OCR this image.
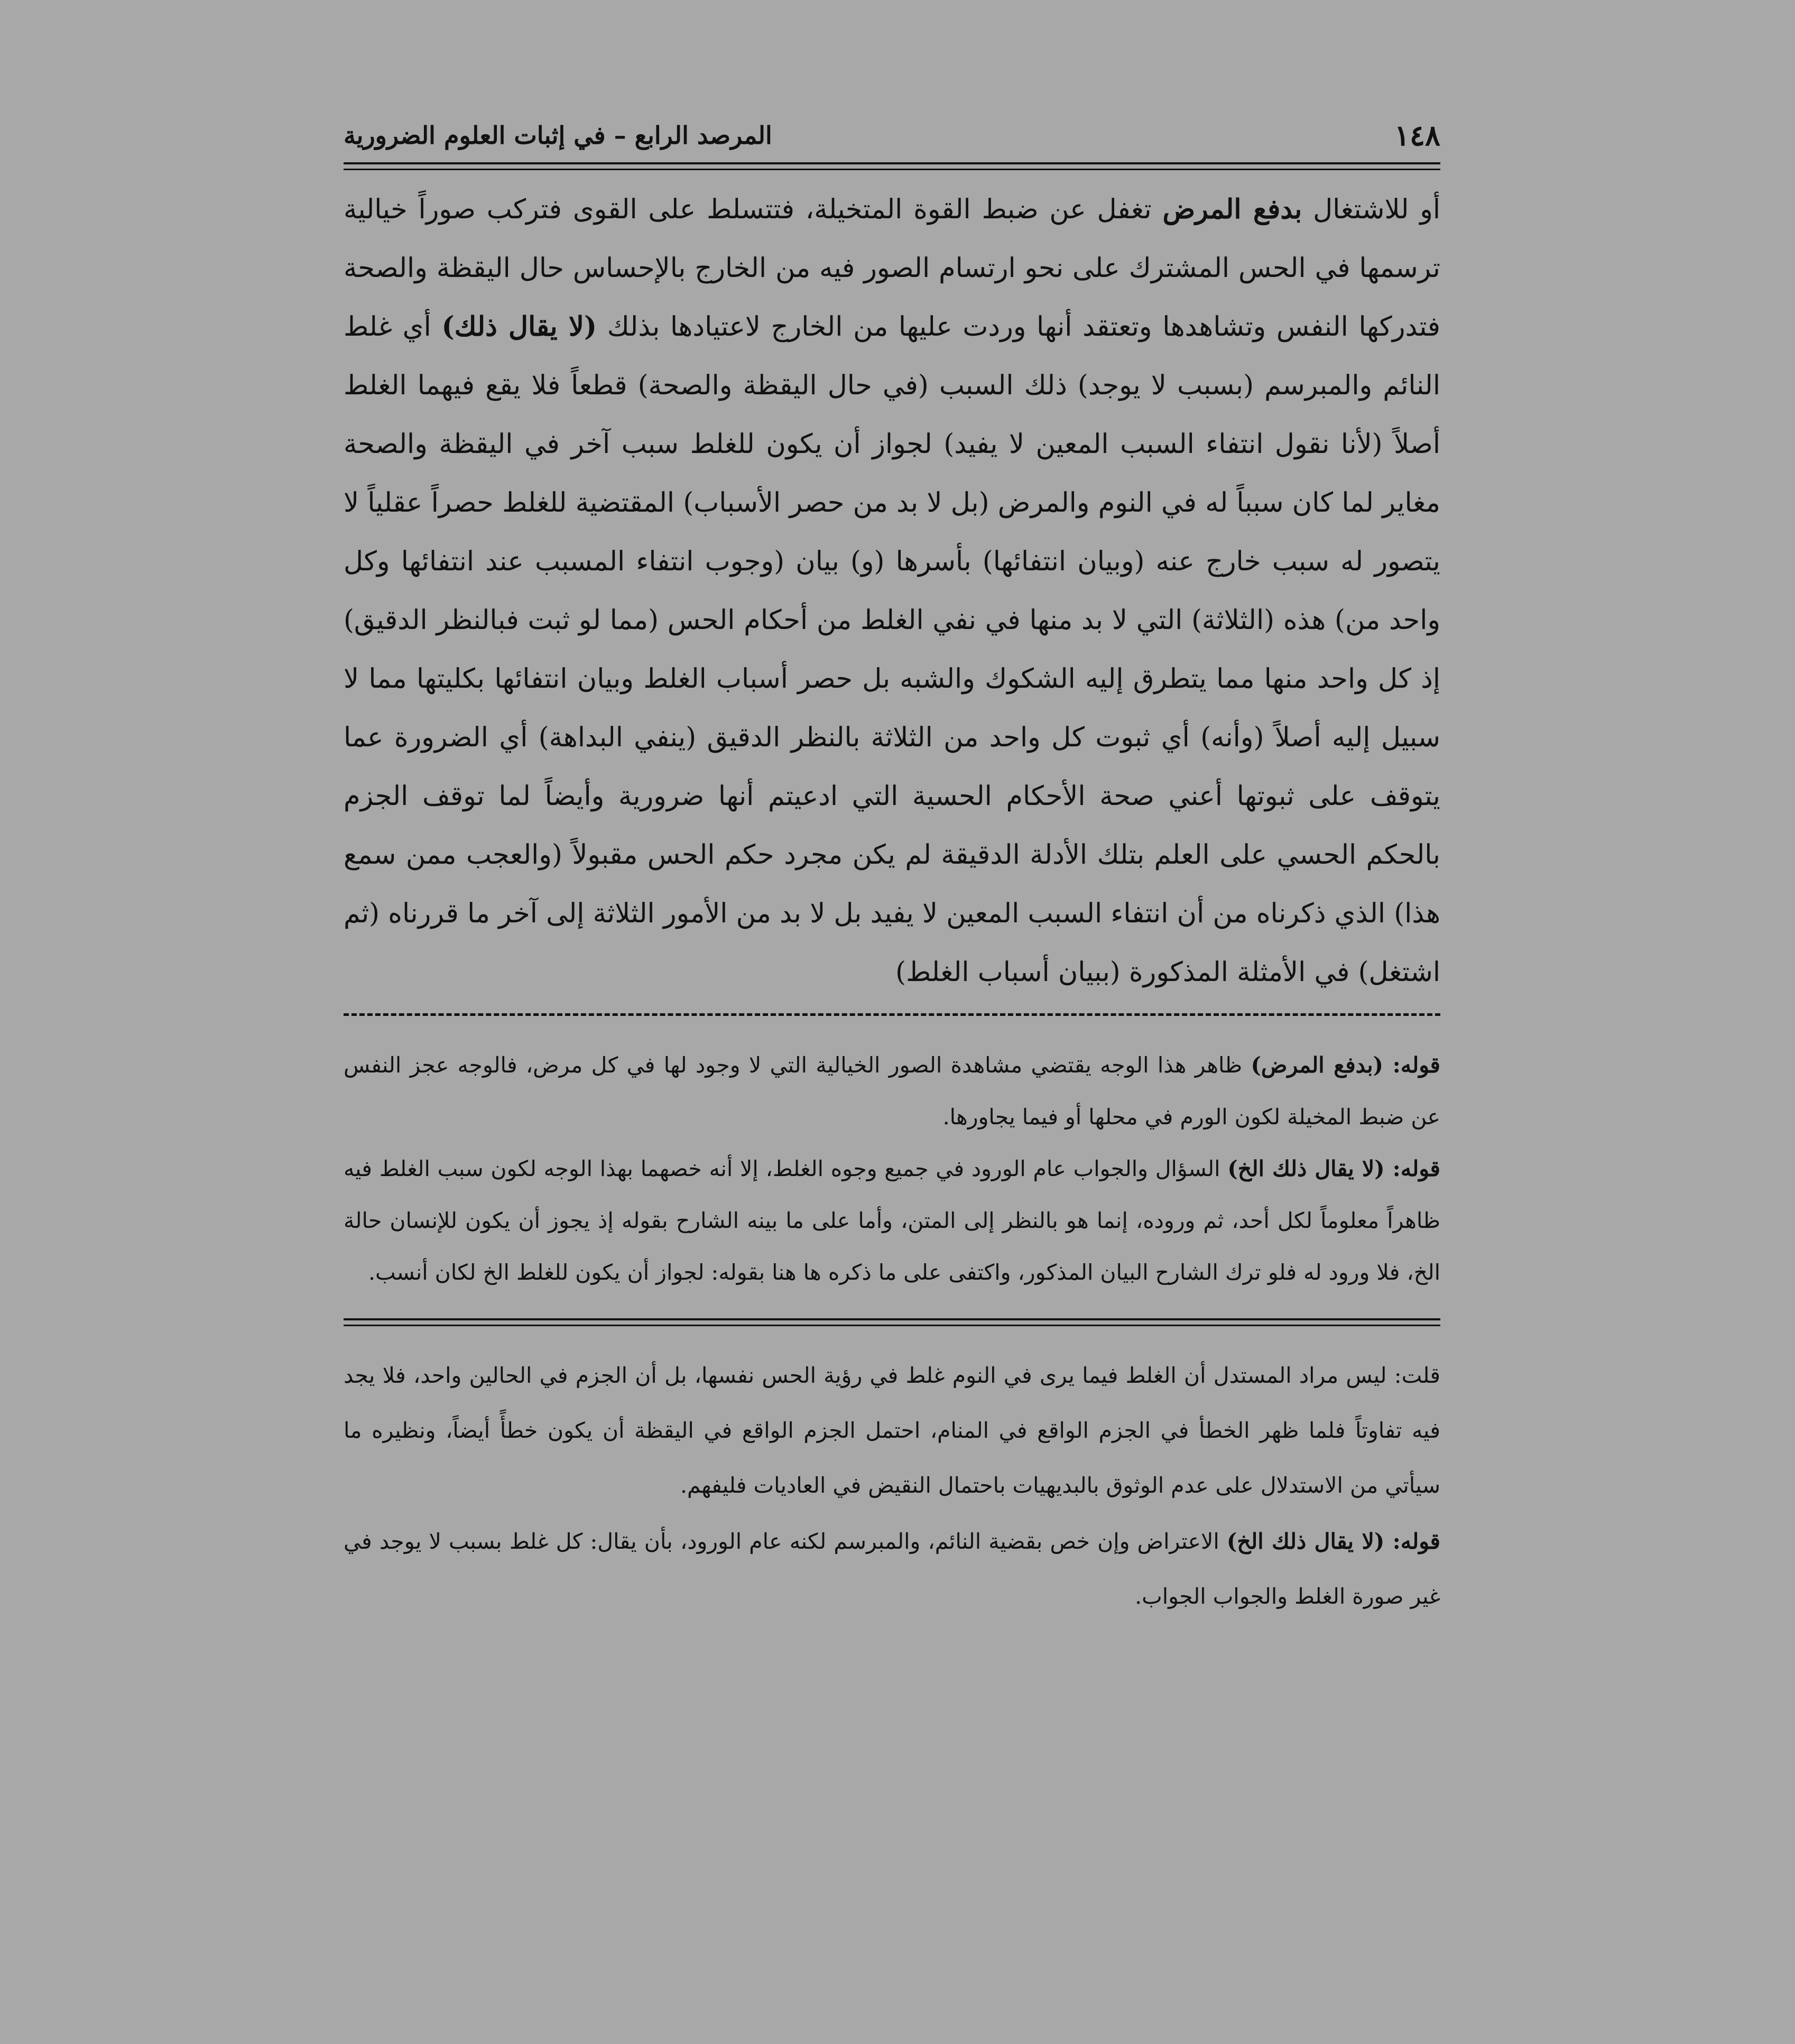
١٤٨
المرصد الرابع – في إثبات العلوم الضرورية
أو للاشتغال بدفع المرض تغفل عن ضبط القوة المتخيلة، فتتسلط على القوى فتركب صوراً خيالية ترسمها في الحس المشترك على نحو ارتسام الصور فيه من الخارج بالإحساس حال اليقظة والصحة فتدركها النفس وتشاهدها وتعتقد أنها وردت عليها من الخارج لاعتيادها بذلك (لا يقال ذلك) أي غلط النائم والمبرسم (بسبب لا يوجد) ذلك السبب (في حال اليقظة والصحة) قطعاً فلا يقع فيهما الغلط أصلاً (لأنا نقول انتفاء السبب المعين لا يفيد) لجواز أن يكون للغلط سبب آخر في اليقظة والصحة مغاير لما كان سبباً له في النوم والمرض (بل لا بد من حصر الأسباب) المقتضية للغلط حصراً عقلياً لا يتصور له سبب خارج عنه (وبيان انتفائها) بأسرها (و) بيان (وجوب انتفاء المسبب عند انتفائها وكل واحد من) هذه (الثلاثة) التي لا بد منها في نفي الغلط من أحكام الحس (مما لو ثبت فبالنظر الدقيق) إذ كل واحد منها مما يتطرق إليه الشكوك والشبه بل حصر أسباب الغلط وبيان انتفائها بكليتها مما لا سبيل إليه أصلاً (وأنه) أي ثبوت كل واحد من الثلاثة بالنظر الدقيق (ينفي البداهة) أي الضرورة عما يتوقف على ثبوتها أعني صحة الأحكام الحسية التي ادعيتم أنها ضرورية وأيضاً لما توقف الجزم بالحكم الحسي على العلم بتلك الأدلة الدقيقة لم يكن مجرد حكم الحس مقبولاً (والعجب ممن سمع هذا) الذي ذكرناه من أن انتفاء السبب المعين لا يفيد بل لا بد من الأمور الثلاثة إلى آخر ما قررناه (ثم اشتغل) في الأمثلة المذكورة (ببيان أسباب الغلط)

قوله: (بدفع المرض) ظاهر هذا الوجه يقتضي مشاهدة الصور الخيالية التي لا وجود لها في كل مرض، فالوجه عجز النفس عن ضبط المخيلة لكون الورم في محلها أو فيما يجاورها.

قوله: (لا يقال ذلك الخ) السؤال والجواب عام الورود في جميع وجوه الغلط، إلا أنه خصهما بهذا الوجه لكون سبب الغلط فيه ظاهراً معلوماً لكل أحد، ثم وروده، إنما هو بالنظر إلى المتن، وأما على ما بينه الشارح بقوله إذ يجوز أن يكون للإنسان حالة الخ، فلا ورود له فلو ترك الشارح البيان المذكور، واكتفى على ما ذكره ها هنا بقوله: لجواز أن يكون للغلط الخ لكان أنسب.

قلت: ليس مراد المستدل أن الغلط فيما يرى في النوم غلط في رؤية الحس نفسها، بل أن الجزم في الحالين واحد، فلا يجد فيه تفاوتاً فلما ظهر الخطأ في الجزم الواقع في المنام، احتمل الجزم الواقع في اليقظة أن يكون خطأً أيضاً، ونظيره ما سيأتي من الاستدلال على عدم الوثوق بالبديهيات باحتمال النقيض في العاديات فليفهم.

قوله: (لا يقال ذلك الخ) الاعتراض وإن خص بقضية النائم، والمبرسم لكنه عام الورود، بأن يقال: كل غلط بسبب لا يوجد في غير صورة الغلط والجواب الجواب.
